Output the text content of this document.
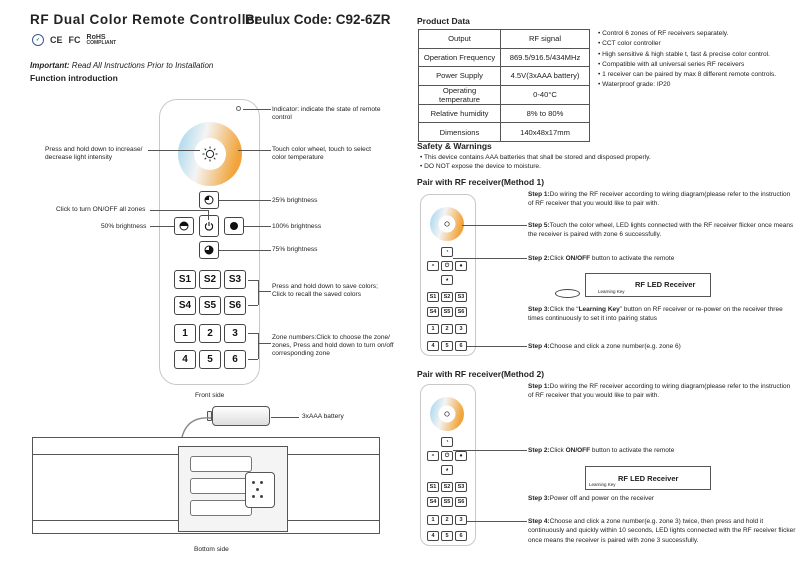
RF Dual Color Remote Controller
Beulux Code: C92-6ZR
✓	CE FC RoHS
COMPLIANT
Important: Read All Instructions Prior to Installation
Function introduction
S1	S2	S3
S4	S5	S6
1	2	3
4	5	6
Indicator: indicate the state of remote control
Press and hold down to increase/ decrease light intensity
Touch color wheel, touch to select color temperature
25% brightness
Click to turn ON/OFF all zones
50% brightness	100% brightness
75% brightness
Press and hold down to save colors; Click to recall the saved colors
Zone numbers:Click to choose the zone/ zones, Press and hold down to turn on/off corresponding zone
Front side
3xAAA battery
Bottom side
Product Data
Output	RF signal
Operation Frequency	869.5/916.5/434MHz
Power Supply	4.5V(3xAAA battery)
Operating temperature	0-40°C
Relative humidity	8% to 80%
Dimensions	140x48x17mm
• Control 6 zones of RF receivers separately.
• CCT color controller
• High sensitive & high stable t, fast & precise color control.
• Compatible with all universal series RF receivers
• 1 receiver can be paired by max 8 different remote controls.
• Waterproof grade: IP20
Safety & Warnings
• This device contains AAA batteries that shall be stored and disposed properly.
• DO NOT expose the device to moisture.
Pair with RF receiver(Method 1)
◔
◓	⏻	●
◕
S1	S2	S3
S4	S5	S6
1	2	3
4	5	6
Step 1:Do wiring the RF receiver according to wiring diagram(please refer to the instruction of RF receiver that you would like to pair with.
Step 5:Touch the color wheel, LED lights connected with the RF receiver flicker once means the receiver is paired with zone 6 successfully.
Step 2:Click ON/OFF button to activate the remote
RF LED Receiver
Learning Key
Step 3:Click the “Learning Key” button on RF receiver or re-power on the receiver three times continuously to set it into pairing status
Step 4:Choose and click a zone number(e.g. zone 6)
Pair with RF receiver(Method 2)
◔
◓	⏻	●
◕
S1	S2	S3
S4	S5	S6
1	2	3
4	5	6
Step 1:Do wiring the RF receiver according to wiring diagram(please refer to the instruction of RF receiver that you would like to pair with.
Step 2:Click ON/OFF button to activate the remote
RF LED Receiver
Learning Key
Step 3:Power off and power on the receiver
Step 4:Choose and click a zone number(e.g. zone 3) twice, then press and hold it continuously and quickly within 10 seconds, LED lights connected with the RF receiver flicker once means the receiver is paired with zone 3 successfully.
